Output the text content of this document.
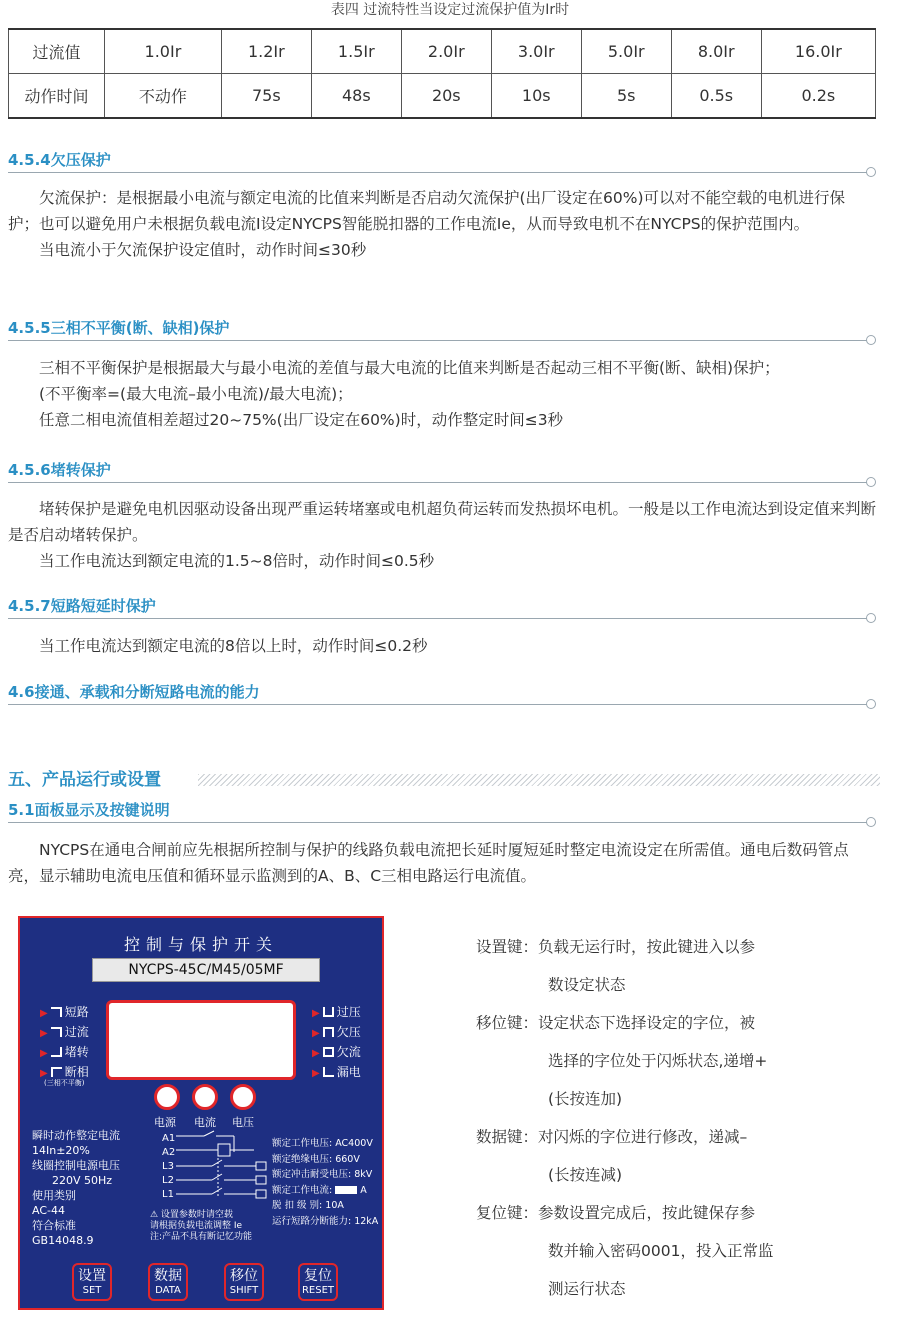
表四 过流特性当设定过流保护值为Ir时
过流值	1.0Ir	1.2Ir	1.5Ir	2.0Ir	3.0Ir	5.0Ir	8.0Ir	16.0Ir
动作时间	不动作	75s	48s	20s	10s	5s	0.5s	0.2s
4.5.4欠压保护

欠流保护：是根据最小电流与额定电流的比值来判断是否启动欠流保护(出厂设定在60%)可以对不能空载的电机进行保护；也可以避免用户未根据负载电流I设定NYCPS智能脱扣器的工作电流Ie，从而导致电机不在NYCPS的保护范围内。

当电流小于欠流保护设定值时，动作时间≤30秒

4.5.5三相不平衡(断、缺相)保护

三相不平衡保护是根据最大与最小电流的差值与最大电流的比值来判断是否起动三相不平衡(断、缺相)保护；

(不平衡率=(最大电流–最小电流)/最大电流)；

任意二相电流值相差超过20~75%(出厂设定在60%)时，动作整定时间≤3秒

4.5.6堵转保护

堵转保护是避免电机因驱动设备出现严重运转堵塞或电机超负荷运转而发热损坏电机。一般是以工作电流达到设定值来判断是否启动堵转保护。

当工作电流达到额定电流的1.5~8倍时，动作时间≤0.5秒

4.5.7短路短延时保护

当工作电流达到额定电流的8倍以上时，动作时间≤0.2秒

4.6接通、承载和分断短路电流的能力
五、产品运行或设置
5.1面板显示及按键说明

NYCPS在通电合闸前应先根据所控制与保护的线路负载电流把长延时厦短延时整定电流设定在所需值。通电后数码管点亮，显示辅助电流电压值和循环显示监测到的A、B、C三相电路运行电流值。

控制与保护开关
NYCPS-45C/M45/05MF
▶ 短路
▶ 过流
▶ 堵转
▶ 断相
(三相不平衡)
▶ 过压
▶ 欠压
▶ 欠流
▶ 漏电
电源 电流 电压
瞬时动作整定电流
14In±20%
线圈控制电源电压
220V 50Hz
使用类别
AC-44
符合标准
GB14048.9
A1
A2
L3
L2
L1
额定工作电压: AC400V
额定绝缘电压: 660V
额定冲击耐受电压: 8kV
额定工作电流:	A
脱 扣 级 别: 10A
运行短路分断能力: 12kA
⚠ 设置参数时请空载
请根据负载电流调整 Ie
注:产品不具有断记忆功能
设置
SET
数据
DATA
移位
SHIFT
复位
RESET
设置键：负载无运行时，按此键进入以参
数设定状态
移位键：设定状态下选择设定的字位，被
选择的字位处于闪烁状态,递增+
(长按连加)
数据键：对闪烁的字位进行修改，递减–
(长按连减)
复位键：参数设置完成后，按此键保存参
数并输入密码0001，投入正常监
测运行状态
